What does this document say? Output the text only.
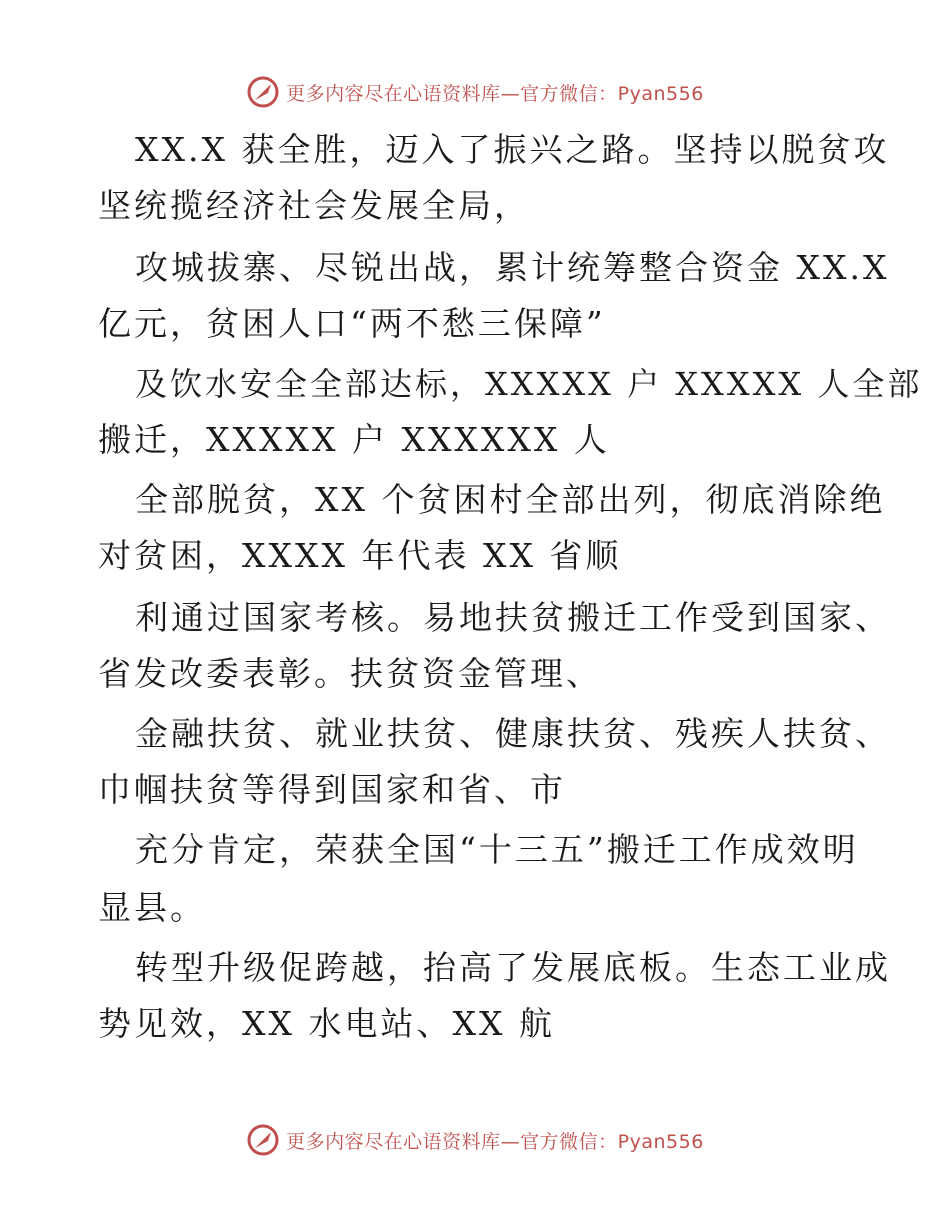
更多内容尽在心语资料库—官方微信：Pyan556
XX.X 获全胜，迈入了振兴之路。坚持以脱贫攻
坚统揽经济社会发展全局，
攻城拔寨、尽锐出战，累计统筹整合资金 XX.X
亿元，贫困人口“两不愁三保障”
及饮水安全全部达标，XXXXX 户 XXXXX 人全部
搬迁，XXXXX 户 XXXXXX 人
全部脱贫，XX 个贫困村全部出列，彻底消除绝
对贫困，XXXX 年代表 XX 省顺
利通过国家考核。易地扶贫搬迁工作受到国家、
省发改委表彰。扶贫资金管理、
金融扶贫、就业扶贫、健康扶贫、残疾人扶贫、
巾帼扶贫等得到国家和省、市
充分肯定，荣获全国“十三五”搬迁工作成效明
显县。
转型升级促跨越，抬高了发展底板。生态工业成
势见效，XX 水电站、XX 航
更多内容尽在心语资料库—官方微信：Pyan556
